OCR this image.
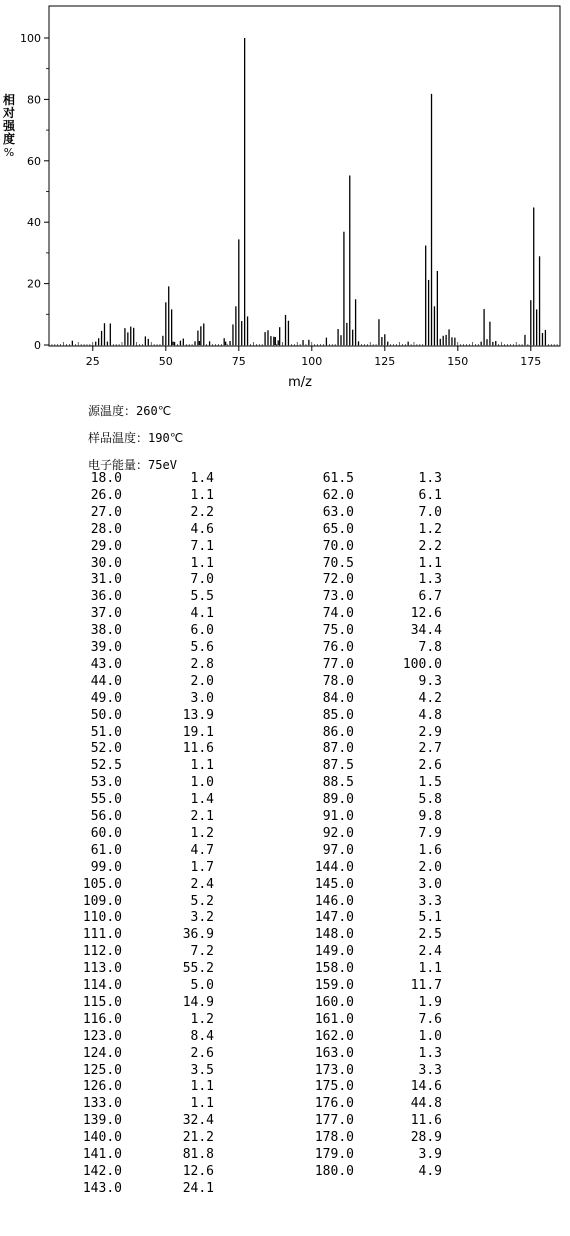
25	50	75	100	125	150	175
0
20
40
60
80
100
m/z
相
对
强
度
%
源温度：260℃
样品温度：190℃
电子能量：75eV
18.0	1.4
26.0	1.1
27.0	2.2
28.0	4.6
29.0	7.1
30.0	1.1
31.0	7.0
36.0	5.5
37.0	4.1
38.0	6.0
39.0	5.6
43.0	2.8
44.0	2.0
49.0	3.0
50.0	13.9
51.0	19.1
52.0	11.6
52.5	1.1
53.0	1.0
55.0	1.4
56.0	2.1
60.0	1.2
61.0	4.7
99.0	1.7
105.0	2.4
109.0	5.2
110.0	3.2
111.0	36.9
112.0	7.2
113.0	55.2
114.0	5.0
115.0	14.9
116.0	1.2
123.0	8.4
124.0	2.6
125.0	3.5
126.0	1.1
133.0	1.1
139.0	32.4
140.0	21.2
141.0	81.8
142.0	12.6
143.0	24.1
61.5	1.3
62.0	6.1
63.0	7.0
65.0	1.2
70.0	2.2
70.5	1.1
72.0	1.3
73.0	6.7
74.0	12.6
75.0	34.4
76.0	7.8
77.0	100.0
78.0	9.3
84.0	4.2
85.0	4.8
86.0	2.9
87.0	2.7
87.5	2.6
88.5	1.5
89.0	5.8
91.0	9.8
92.0	7.9
97.0	1.6
144.0	2.0
145.0	3.0
146.0	3.3
147.0	5.1
148.0	2.5
149.0	2.4
158.0	1.1
159.0	11.7
160.0	1.9
161.0	7.6
162.0	1.0
163.0	1.3
173.0	3.3
175.0	14.6
176.0	44.8
177.0	11.6
178.0	28.9
179.0	3.9
180.0	4.9
